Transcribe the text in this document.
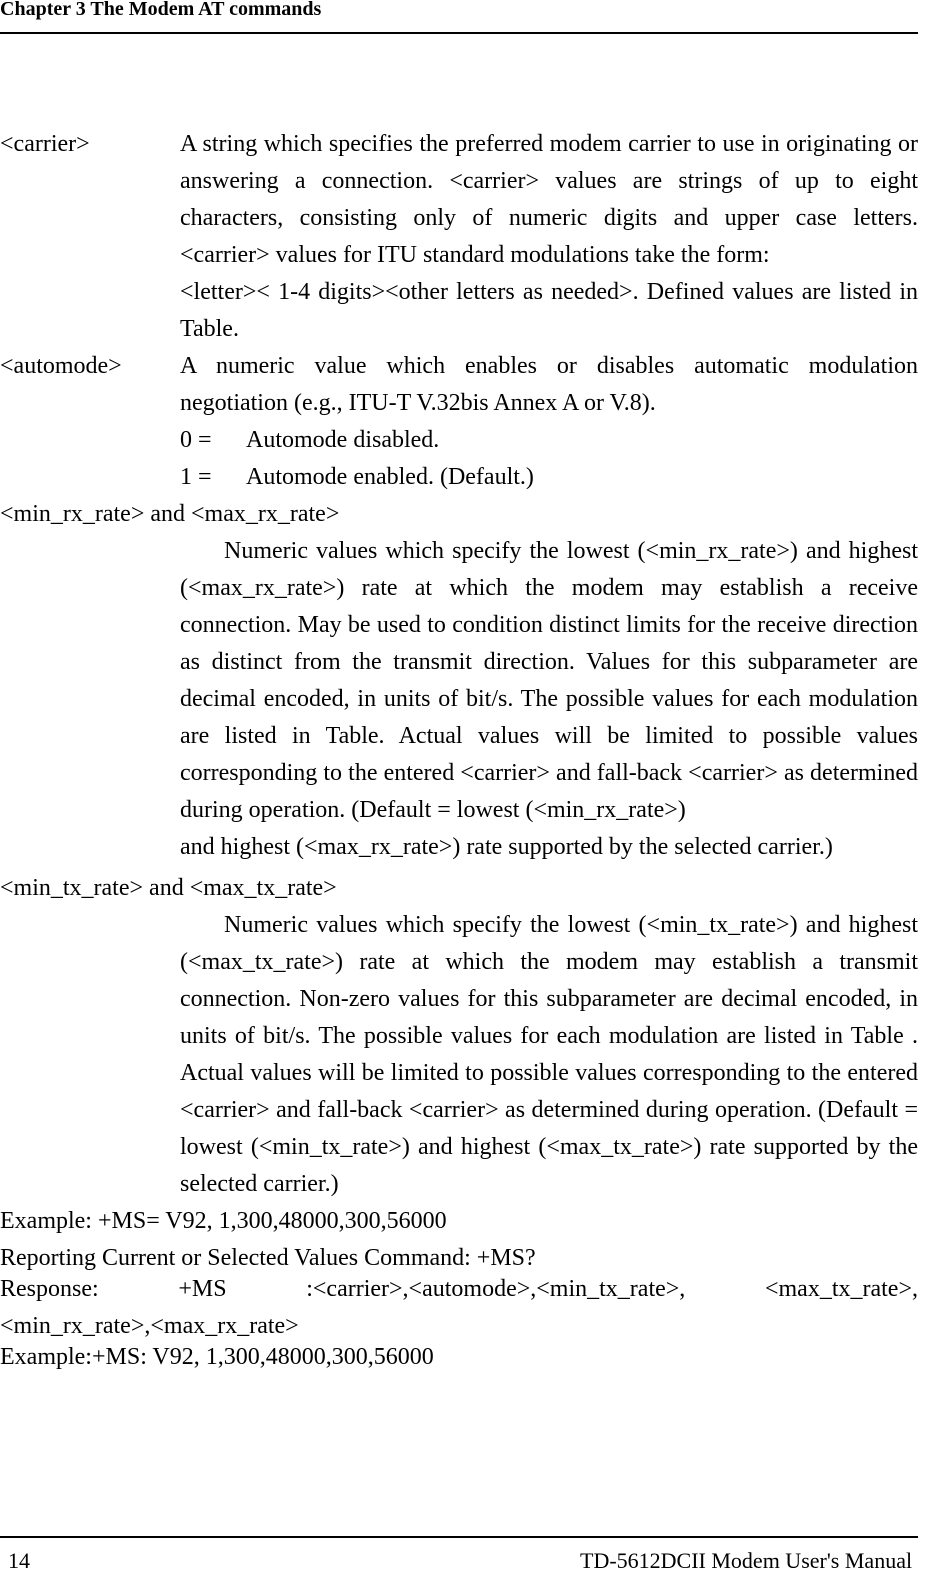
Chapter 3 The Modem AT commands
<carrier>	A string which specifies the preferred modem carrier to use in originating or answering a connection. <carrier> values are strings of up to eight characters, consisting only of numeric digits and upper case letters. <carrier> values for ITU standard modulations take the form:

<letter>< 1-4 digits><other letters as needed>. Defined values are listed in Table.

<automode> A numeric value which enables or disables automatic modulation negotiation (e.g., ITU-T V.32bis Annex A or V.8).

0 = Automode disabled.
1 = Automode enabled. (Default.)
<min_rx_rate> and <max_rx_rate>

Numeric values which specify the lowest (<min_rx_rate>) and highest (<max_rx_rate>) rate at which the modem may establish a receive connection. May be used to condition distinct limits for the receive direction as distinct from the transmit direction. Values for this subparameter are decimal encoded, in units of bit/s. The possible values for each modulation are listed in Table. Actual values will be limited to possible values corresponding to the entered <carrier> and fall-back <carrier> as determined during operation. (Default = lowest (<min_rx_rate>)

and highest (<max_rx_rate>) rate supported by the selected carrier.)

<min_tx_rate> and <max_tx_rate>

Numeric values which specify the lowest (<min_tx_rate>) and highest (<max_tx_rate>) rate at which the modem may establish a transmit connection. Non-zero values for this subparameter are decimal encoded, in units of bit/s. The possible values for each modulation are listed in Table . Actual values will be limited to possible values corresponding to the entered <carrier> and fall-back <carrier> as determined during operation. (Default = lowest (<min_tx_rate>) and highest (<max_tx_rate>) rate supported by the selected carrier.)

Example: +MS= V92, 1,300,48000,300,56000
Reporting Current or Selected Values Command: +MS?
Response: +MS :<carrier>,<automode>,<min_tx_rate>, <max_tx_rate>,
<min_rx_rate>,<max_rx_rate>
Example:+MS: V92, 1,300,48000,300,56000
14	TD-5612DCII Modem User's Manual
